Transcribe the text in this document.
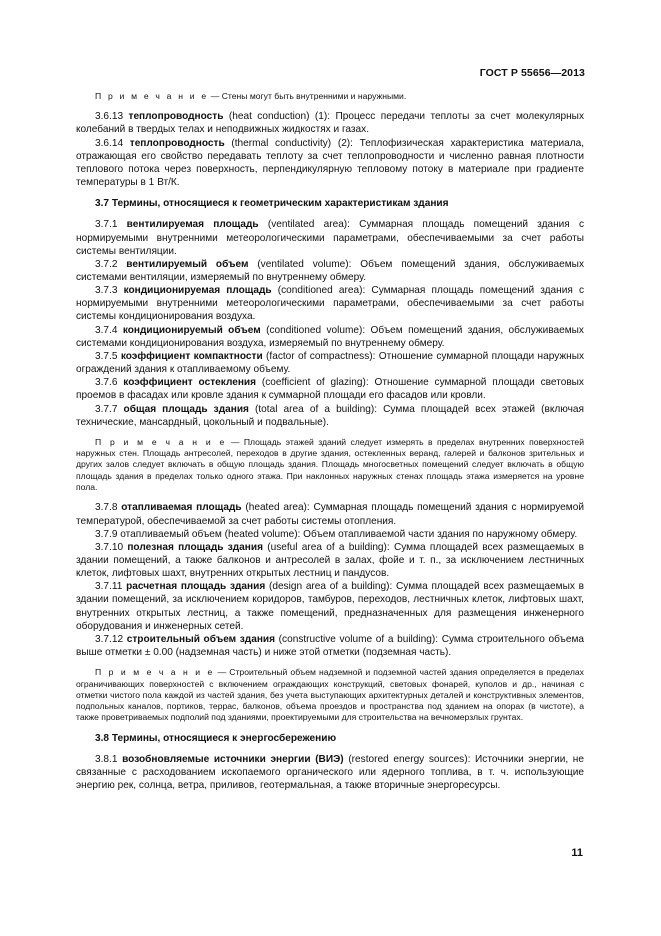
ГОСТ Р 55656—2013

П р и м е ч а н и е — Стены могут быть внутренними и наружными.

3.6.13 теплопроводность (heat conduction) (1): Процесс передачи теплоты за счет молекулярных колебаний в твердых телах и неподвижных жидкостях и газах.

3.6.14 теплопроводность (thermal conductivity) (2): Теплофизическая характеристика материала, отражающая его свойство передавать теплоту за счет теплопроводности и численно равная плотности теплового потока через поверхность, перпендикулярную тепловому потоку в материале при градиенте температуры в 1 Вт/К.

3.7 Термины, относящиеся к геометрическим характеристикам здания

3.7.1 вентилируемая площадь (ventilated area): Суммарная площадь помещений здания с нормируемыми внутренними метеорологическими параметрами, обеспечиваемыми за счет работы системы вентиляции.

3.7.2 вентилируемый объем (ventilated volume): Объем помещений здания, обслуживаемых системами вентиляции, измеряемый по внутреннему обмеру.

3.7.3 кондиционируемая площадь (conditioned area): Суммарная площадь помещений здания с нормируемыми внутренними метеорологическими параметрами, обеспечиваемыми за счет работы системы кондиционирования воздуха.

3.7.4 кондиционируемый объем (conditioned volume): Объем помещений здания, обслуживаемых системами кондиционирования воздуха, измеряемый по внутреннему обмеру.

3.7.5 коэффициент компактности (factor of compactness): Отношение суммарной площади наружных ограждений здания к отапливаемому объему.

3.7.6 коэффициент остекления (coefficient of glazing): Отношение суммарной площади световых проемов в фасадах или кровле здания к суммарной площади его фасадов или кровли.

3.7.7 общая площадь здания (total area of a building): Сумма площадей всех этажей (включая технические, мансардный, цокольный и подвальные).

П р и м е ч а н и е — Площадь этажей зданий следует измерять в пределах внутренних поверхностей наружных стен. Площадь антресолей, переходов в другие здания, остекленных веранд, галерей и балконов зрительных и других залов следует включать в общую площадь здания. Площадь многосветных помещений следует включать в общую площадь здания в пределах только одного этажа. При наклонных наружных стенах площадь этажа измеряется на уровне пола.

3.7.8 отапливаемая площадь (heated area): Суммарная площадь помещений здания с нормируемой температурой, обеспечиваемой за счет работы системы отопления.

3.7.9 отапливаемый объем (heated volume): Объем отапливаемой части здания по наружному обмеру.

3.7.10 полезная площадь здания (useful area of a building): Сумма площадей всех размещаемых в здании помещений, а также балконов и антресолей в залах, фойе и т. п., за исключением лестничных клеток, лифтовых шахт, внутренних открытых лестниц и пандусов.

3.7.11 расчетная площадь здания (design area of a building): Сумма площадей всех размещаемых в здании помещений, за исключением коридоров, тамбуров, переходов, лестничных клеток, лифтовых шахт, внутренних открытых лестниц, а также помещений, предназначенных для размещения инженерного оборудования и инженерных сетей.

3.7.12 строительный объем здания (constructive volume of a building): Сумма строительного объема выше отметки ± 0.00 (надземная часть) и ниже этой отметки (подземная часть).

П р и м е ч а н и е — Строительный объем надземной и подземной частей здания определяется в пределах ограничивающих поверхностей с включением ограждающих конструкций, световых фонарей, куполов и др., начиная с отметки чистого пола каждой из частей здания, без учета выступающих архитектурных деталей и конструктивных элементов, подпольных каналов, портиков, террас, балконов, объема проездов и пространства под зданием на опорах (в чистоте), а также проветриваемых подполий под зданиями, проектируемыми для строительства на вечномерзлых грунтах.

3.8 Термины, относящиеся к энергосбережению

3.8.1 возобновляемые источники энергии (ВИЭ) (restored energy sources): Источники энергии, не связанные с расходованием ископаемого органического или ядерного топлива, в т. ч. использующие энергию рек, солнца, ветра, приливов, геотермальная, а также вторичные энергоресурсы.

11
